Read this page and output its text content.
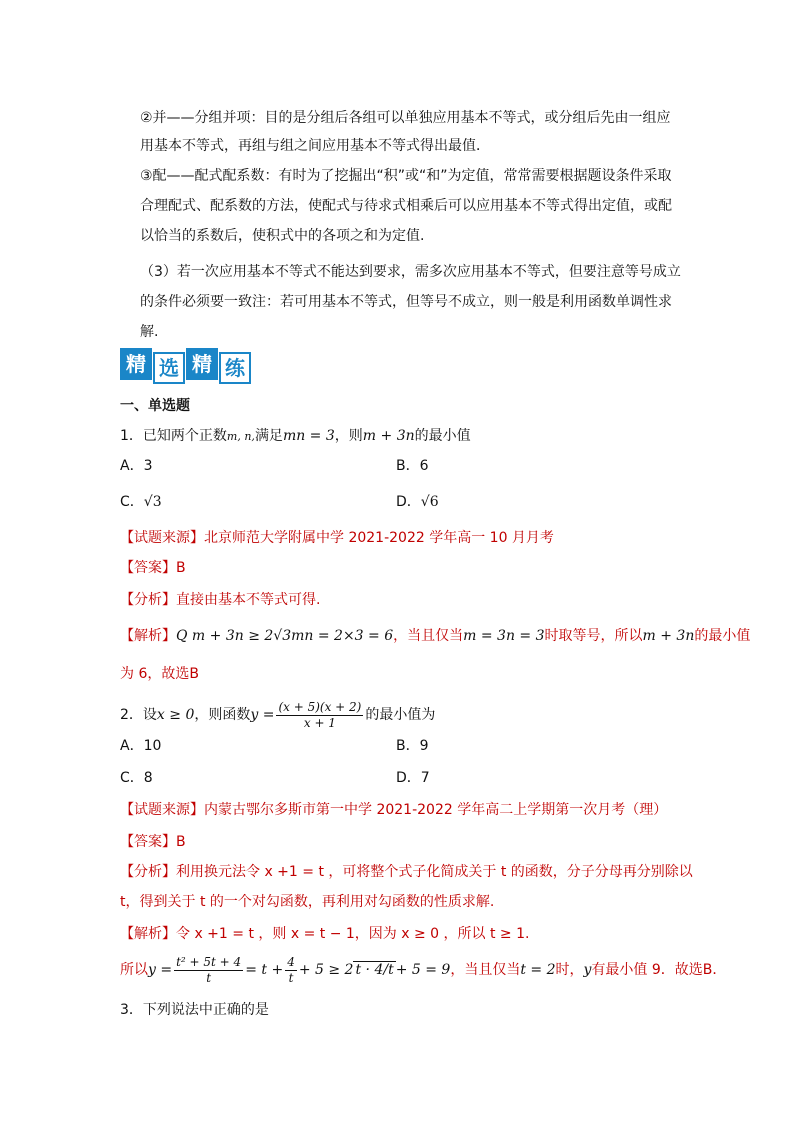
②并——分组并项：目的是分组后各组可以单独应用基本不等式，或分组后先由一组应
用基本不等式，再组与组之间应用基本不等式得出最值．
③配——配式配系数：有时为了挖掘出“积”或“和”为定值，常常需要根据题设条件采取
合理配式、配系数的方法，使配式与待求式相乘后可以应用基本不等式得出定值，或配
以恰当的系数后，使积式中的各项之和为定值.
（3）若一次应用基本不等式不能达到要求，需多次应用基本不等式，但要注意等号成立
的条件必须要一致注：若可用基本不等式，但等号不成立，则一般是利用函数单调性求
解.
精 选 精 练
一、单选题
1．已知两个正数m, n,满足mn = 3，则m + 3n的最小值
A．3	B．6
C．√3	D．√6
【试题来源】北京师范大学附属中学 2021-2022 学年高一 10 月月考
【答案】B
【分析】直接由基本不等式可得.
【解析】Q m + 3n ≥ 2√3mn = 2×3 = 6，当且仅当m = 3n = 3时取等号，所以m + 3n的最小值
为 6，故选B
2．设x ≥ 0，则函数$y = \frac{(x + 5)(x + 2)}{x + 1}$ 的最小值为
A．10	B．9
C．8	D．7
【试题来源】内蒙古鄂尔多斯市第一中学 2021-2022 学年高二上学期第一次月考（理）
【答案】B
【分析】利用换元法令 x +1 = t ，可将整个式子化简成关于 t 的函数，分子分母再分别除以
t，得到关于 t 的一个对勾函数，再利用对勾函数的性质求解.
【解析】令 x +1 = t ，则 x = t − 1，因为 x ≥ 0 ，所以 t ≥ 1.
所以$y = \frac{\text{t² + 5t + 4}}{t} = t + \frac{4}{t} + 5 \ge 2$ t · 4/t + 5 = 9，当且仅当t = 2时，y有最小值 9．故选B．
3．下列说法中正确的是
